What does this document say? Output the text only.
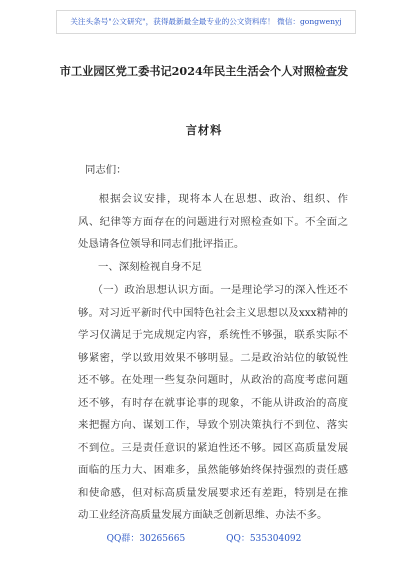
关注头条号"公文研究"，获得最新最全最专业的公文资料库！ 微信：gongwenyj
市工业园区党工委书记2024年民主生活会个人对照检查发
言材料
同志们：
根据会议安排，现将本人在思想、政治、组织、作风、纪律等方面存在的问题进行对照检查如下。不全面之处恳请各位领导和同志们批评指正。
一、深刻检视自身不足
（一）政治思想认识方面。一是理论学习的深入性还不够。对习近平新时代中国特色社会主义思想以及xxx精神的学习仅满足于完成规定内容，系统性不够强，联系实际不够紧密，学以致用效果不够明显。二是政治站位的敏锐性还不够。在处理一些复杂问题时，从政治的高度考虑问题还不够，有时存在就事论事的现象，不能从讲政治的高度来把握方向、谋划工作，导致个别决策执行不到位、落实不到位。三是责任意识的紧迫性还不够。园区高质量发展面临的压力大、困难多，虽然能够始终保持强烈的责任感和使命感，但对标高质量发展要求还有差距，特别是在推动工业经济高质量发展方面缺乏创新思维、办法不多。
QQ群：30265665	QQ：535304092
